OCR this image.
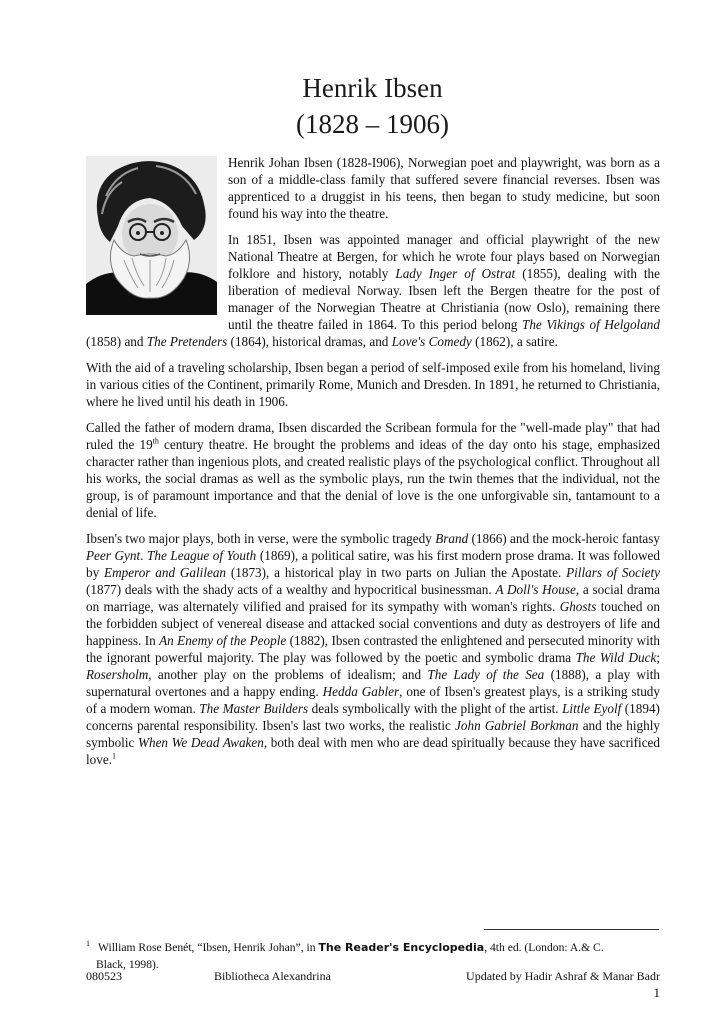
Henrik Ibsen
(1828 – 1906)

Henrik Johan Ibsen (1828-I906), Norwegian poet and playwright, was born as a son of a middle-class family that suffered severe financial reverses. Ibsen was apprenticed to a druggist in his teens, then began to study medicine, but soon found his way into the theatre.

In 1851, Ibsen was appointed manager and official playwright of the new National Theatre at Bergen, for which he wrote four plays based on Norwegian folklore and history, notably Lady Inger of Ostrat (1855), dealing with the liberation of medieval Norway. Ibsen left the Bergen theatre for the post of manager of the Norwegian Theatre at Christiania (now Oslo), remaining there until the theatre failed in 1864. To this period belong The Vikings of Helgoland (1858) and The Pretenders (1864), historical dramas, and Love's Comedy (1862), a satire.

With the aid of a traveling scholarship, Ibsen began a period of self-imposed exile from his homeland, living in various cities of the Continent, primarily Rome, Munich and Dresden. In 1891, he returned to Christiania, where he lived until his death in 1906.

Called the father of modern drama, Ibsen discarded the Scribean formula for the "well-made play" that had ruled the 19th century theatre. He brought the problems and ideas of the day onto his stage, emphasized character rather than ingenious plots, and created realistic plays of the psychological conflict. Throughout all his works, the social dramas as well as the symbolic plays, run the twin themes that the individual, not the group, is of paramount importance and that the denial of love is the one unforgivable sin, tantamount to a denial of life.

Ibsen's two major plays, both in verse, were the symbolic tragedy Brand (1866) and the mock-heroic fantasy Peer Gynt. The League of Youth (1869), a political satire, was his first modern prose drama. It was followed by Emperor and Galilean (1873), a historical play in two parts on Julian the Apostate. Pillars of Society (1877) deals with the shady acts of a wealthy and hypocritical businessman. A Doll's House, a social drama on marriage, was alternately vilified and praised for its sympathy with woman's rights. Ghosts touched on the forbidden subject of venereal disease and attacked social conventions and duty as destroyers of life and happiness. In An Enemy of the People (1882), Ibsen contrasted the enlightened and persecuted minority with the ignorant powerful majority. The play was followed by the poetic and symbolic drama The Wild Duck; Rosersholm, another play on the problems of idealism; and The Lady of the Sea (1888), a play with supernatural overtones and a happy ending. Hedda Gabler, one of Ibsen's greatest plays, is a striking study of a modern woman. The Master Builders deals symbolically with the plight of the artist. Little Eyolf (1894) concerns parental responsibility. Ibsen's last two works, the realistic John Gabriel Borkman and the highly symbolic When We Dead Awaken, both deal with men who are dead spiritually because they have sacrificed love.$^1$

$^1$ William Rose Benét, “Ibsen, Henrik Johan”, in The Reader's Encyclopedia, 4th ed. (London: A.& C.
Black, 1998).
080523	Bibliotheca Alexandrina	Updated by Hadir Ashraf & Manar Badr
1
